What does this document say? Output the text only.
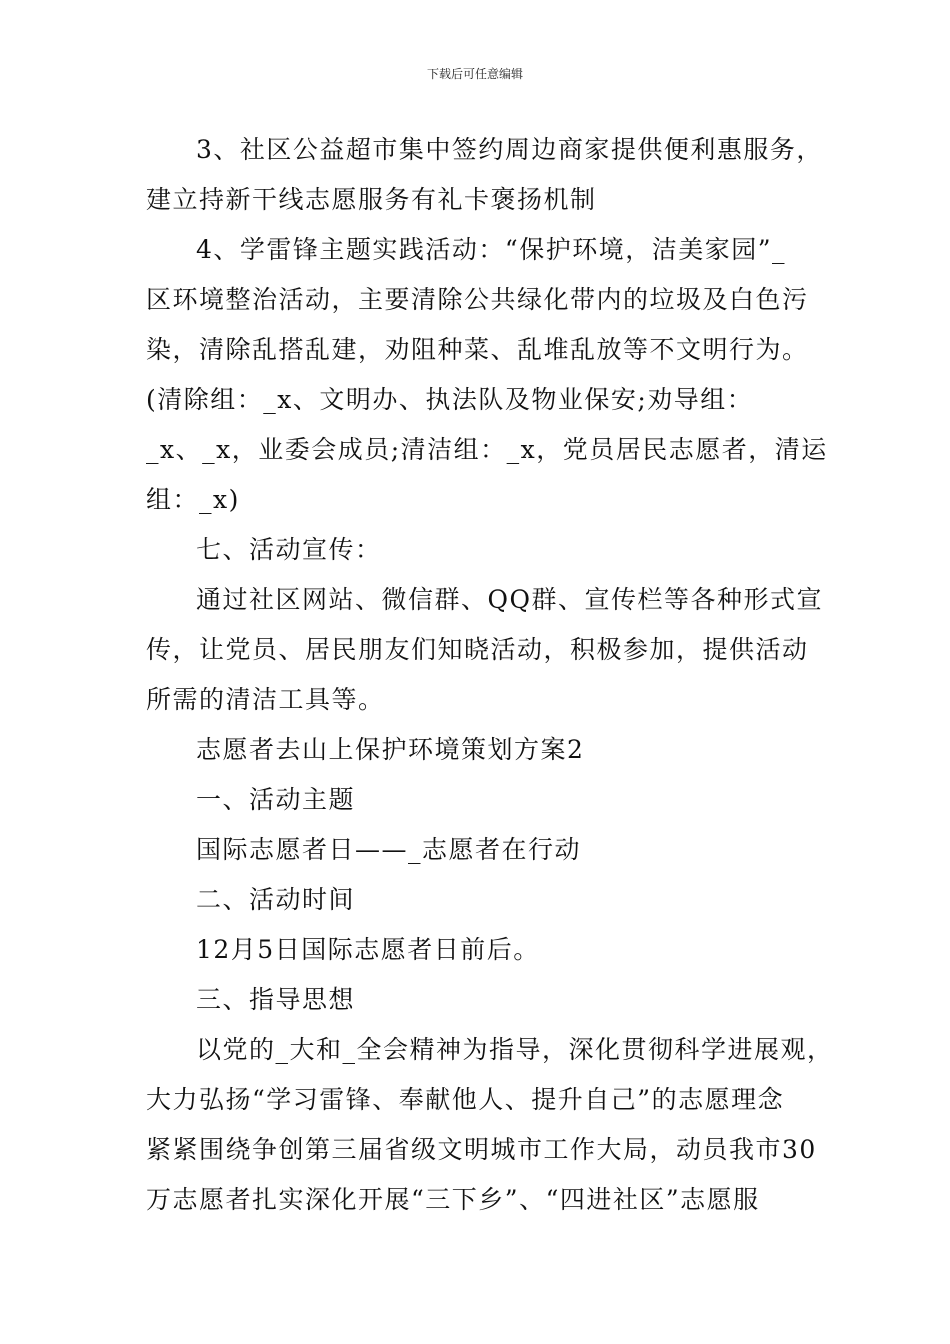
下载后可任意编辑
3、社区公益超市集中签约周边商家提供便利惠服务，
建立持新干线志愿服务有礼卡褒扬机制
4、学雷锋主题实践活动：“保护环境，洁美家园”_
区环境整治活动，主要清除公共绿化带内的垃圾及白色污
染，清除乱搭乱建，劝阻种菜、乱堆乱放等不文明行为。
(清除组：_x、文明办、执法队及物业保安;劝导组：
_x、_x，业委会成员;清洁组：_x，党员居民志愿者，清运
组：_x)
七、活动宣传：
通过社区网站、微信群、QQ群、宣传栏等各种形式宣
传，让党员、居民朋友们知晓活动，积极参加，提供活动
所需的清洁工具等。
志愿者去山上保护环境策划方案2
一、活动主题
国际志愿者日——_志愿者在行动
二、活动时间
12月5日国际志愿者日前后。
三、指导思想
以党的_大和_全会精神为指导，深化贯彻科学进展观，
大力弘扬“学习雷锋、奉献他人、提升自己”的志愿理念
紧紧围绕争创第三届省级文明城市工作大局，动员我市30
万志愿者扎实深化开展“三下乡”、“四进社区”志愿服
